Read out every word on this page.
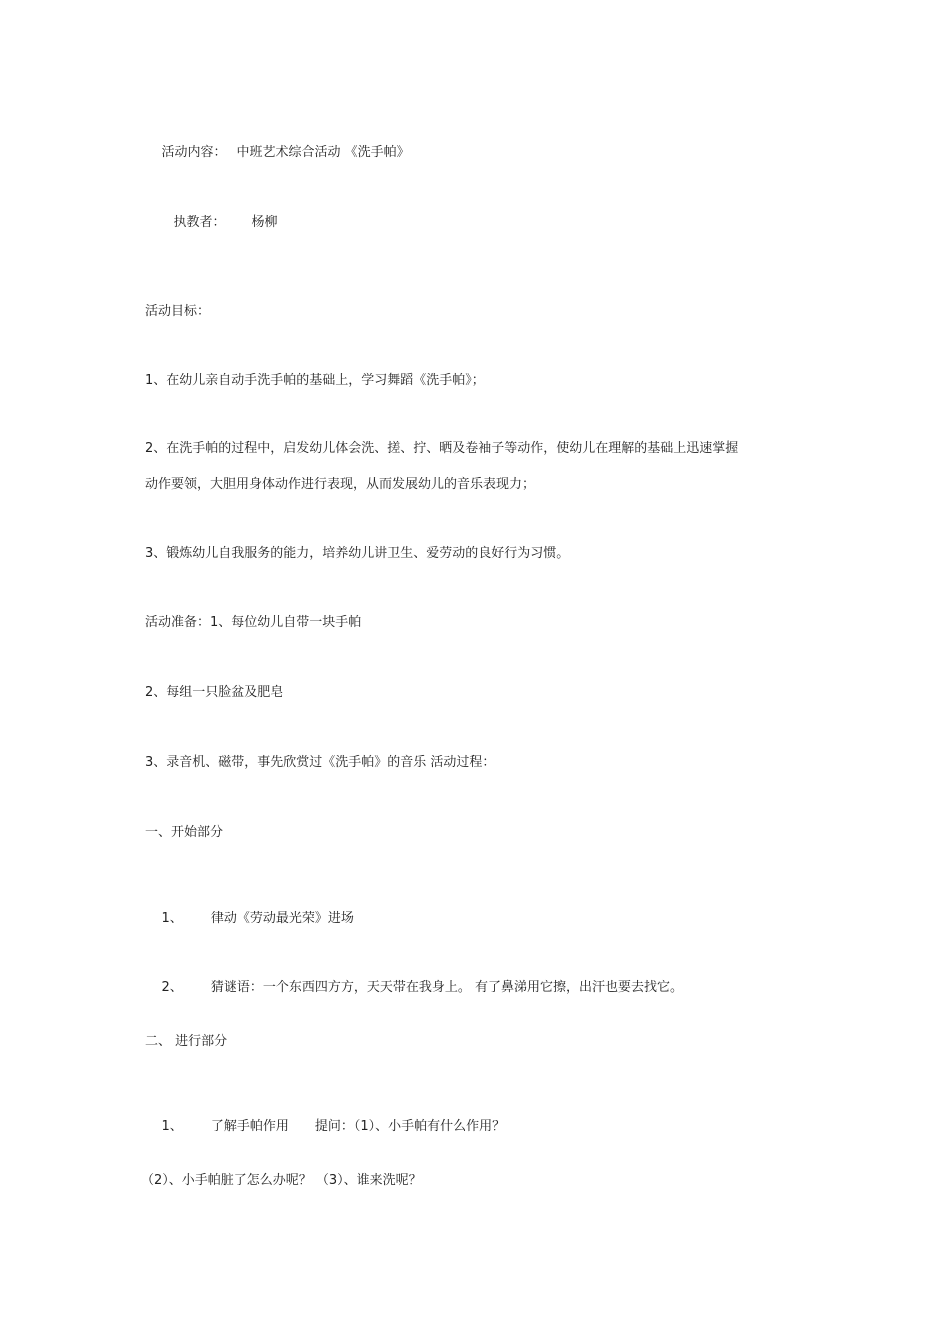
活动内容： 中班艺术综合活动 《洗手帕》

执教者： 杨柳

活动目标：
1、在幼儿亲自动手洗手帕的基础上，学习舞蹈《洗手帕》；
2、在洗手帕的过程中，启发幼儿体会洗、搓、拧、晒及卷袖子等动作，使幼儿在理解的基础上迅速掌握
动作要领，大胆用身体动作进行表现，从而发展幼儿的音乐表现力；
3、锻炼幼儿自我服务的能力，培养幼儿讲卫生、爱劳动的良好行为习惯。
活动准备：1、每位幼儿自带一块手帕
2、每组一只脸盆及肥皂
3、录音机、磁带，事先欣赏过《洗手帕》的音乐 活动过程：
一、开始部分

1、 律动《劳动最光荣》进场

2、 猜谜语：一个东西四方方，天天带在我身上。 有了鼻涕用它擦，出汗也要去找它。

二、 进行部分

1、 了解手帕作用 提问：（1）、小手帕有什么作用？

（2）、小手帕脏了怎么办呢？ （3）、谁来洗呢？
